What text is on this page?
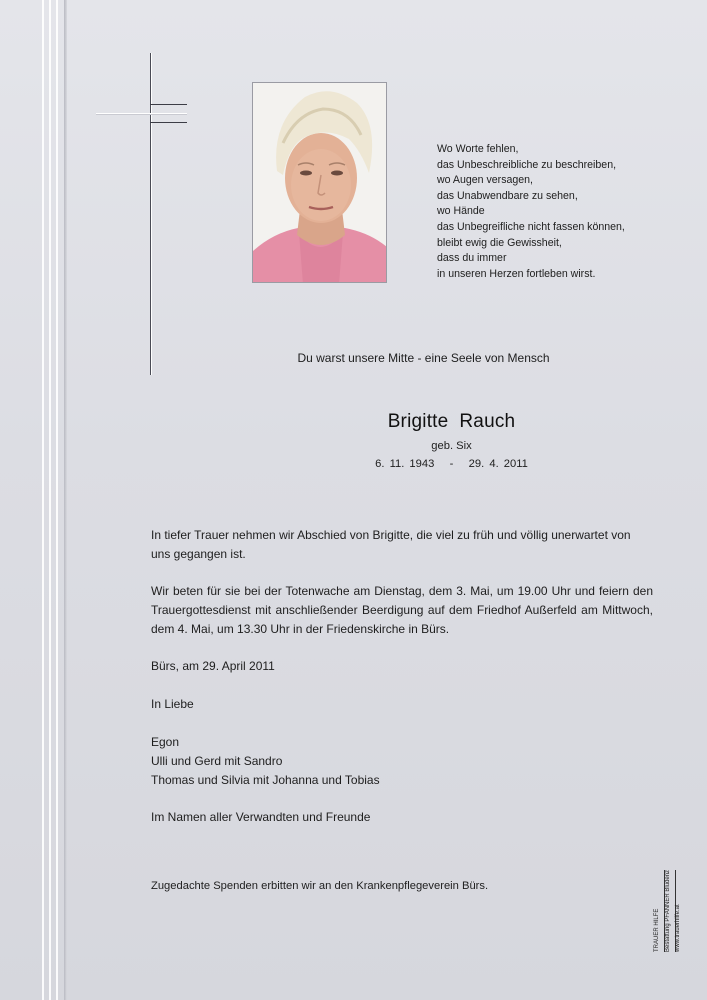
Wo Worte fehlen,
das Unbeschreibliche zu beschreiben,
wo Augen versagen,
das Unabwendbare zu sehen,
wo Hände
das Unbegreifliche nicht fassen können,
bleibt ewig die Gewissheit,
dass du immer
in unseren Herzen fortleben wirst.
Du warst unsere Mitte - eine Seele von Mensch
Brigitte  Rauch
geb. Six
6. 11. 1943   -   29. 4. 2011
In tiefer Trauer nehmen wir Abschied von Brigitte, die viel zu früh und völlig unerwartet von uns gegangen ist.
Wir beten für sie bei der Totenwache am Dienstag, dem 3. Mai, um 19.00 Uhr und feiern den Trauergottesdienst mit anschließender Beerdigung auf dem Friedhof Außerfeld am Mittwoch, dem 4. Mai, um 13.30 Uhr in der Friedenskirche in Bürs.
Bürs, am 29. April 2011
In Liebe
Egon
Ulli und Gerd mit Sandro
Thomas und Silvia mit Johanna und Tobias
Im Namen aller Verwandten und Freunde
Zugedachte Spenden erbitten wir an den Krankenpflegeverein Bürs.
TRAUER HILFE Bestattung PFANNER Bludenz www.trauerhilfe.at
